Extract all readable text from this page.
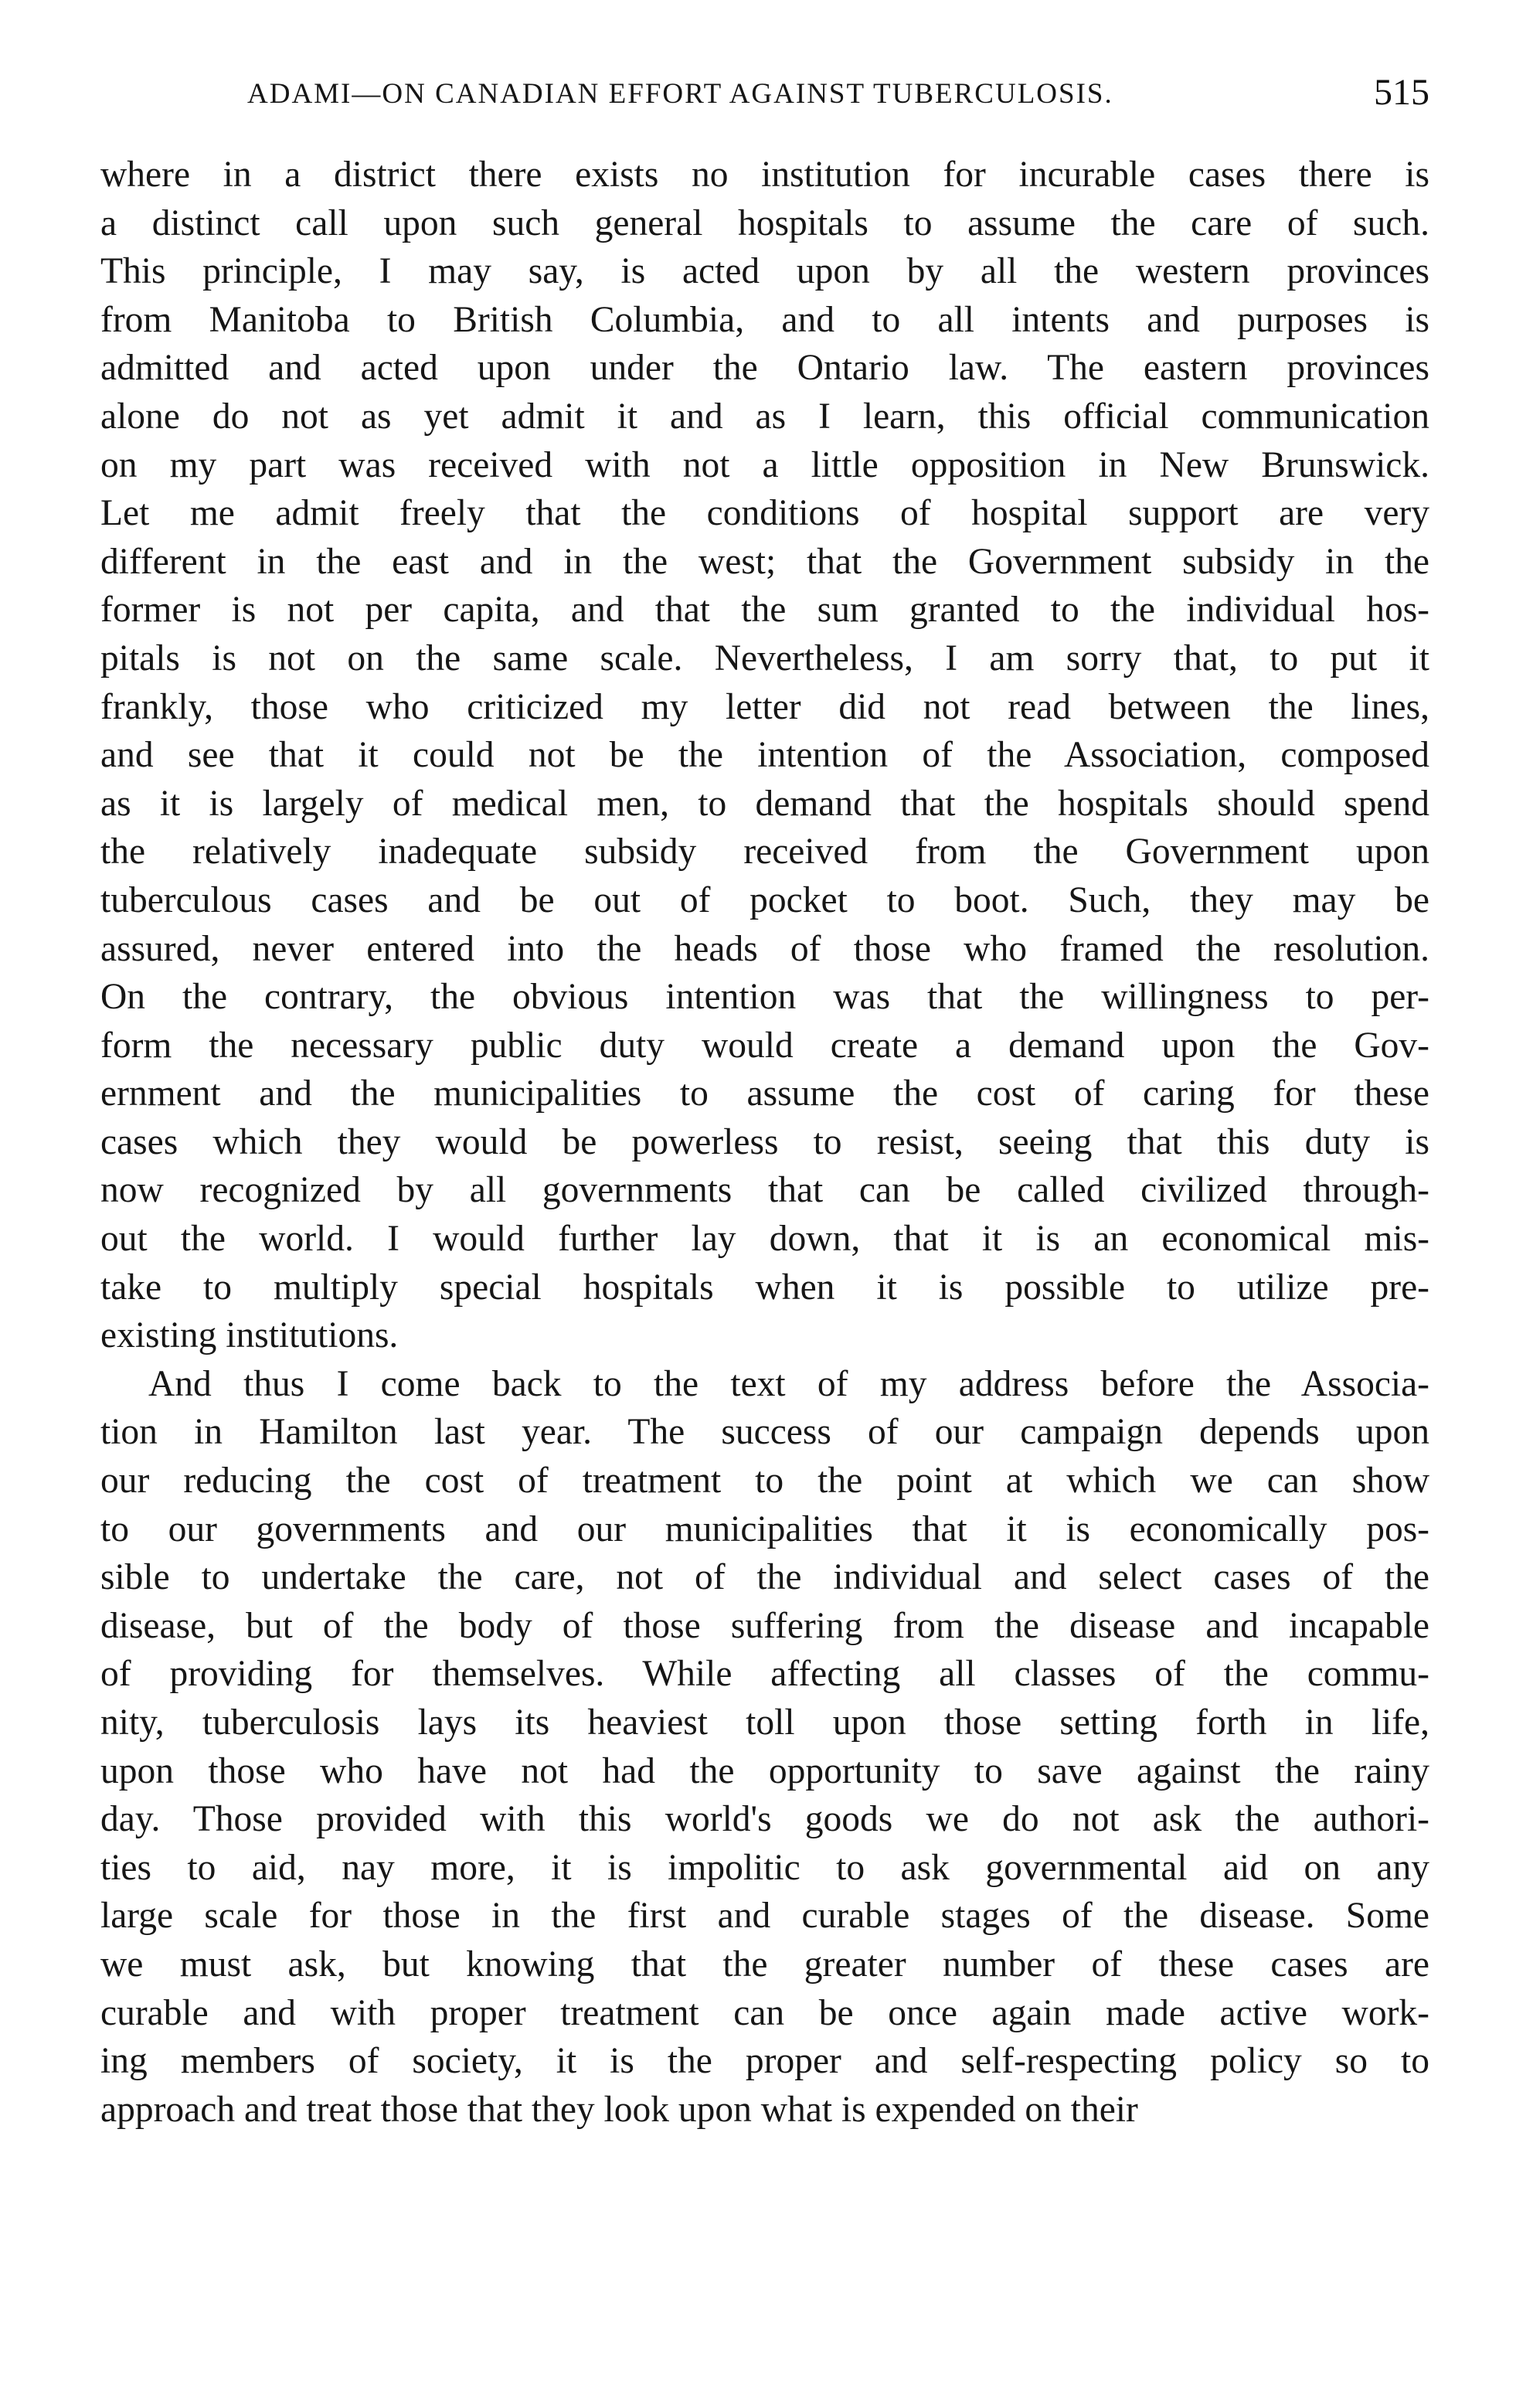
ADAMI—ON CANADIAN EFFORT AGAINST TUBERCULOSIS.	515
where in a district there exists no institution for incurable cases there is
a distinct call upon such general hospitals to assume the care of such.
This principle, I may say, is acted upon by all the western provinces
from Manitoba to British Columbia, and to all intents and purposes is
admitted and acted upon under the Ontario law. The eastern provinces
alone do not as yet admit it and as I learn, this official communication
on my part was received with not a little opposition in New Brunswick.
Let me admit freely that the conditions of hospital support are very
different in the east and in the west; that the Government subsidy in the
former is not per capita, and that the sum granted to the individual hos-
pitals is not on the same scale. Nevertheless, I am sorry that, to put it
frankly, those who criticized my letter did not read between the lines,
and see that it could not be the intention of the Association, composed
as it is largely of medical men, to demand that the hospitals should spend
the relatively inadequate subsidy received from the Government upon
tuberculous cases and be out of pocket to boot. Such, they may be
assured, never entered into the heads of those who framed the resolution.
On the contrary, the obvious intention was that the willingness to per-
form the necessary public duty would create a demand upon the Gov-
ernment and the municipalities to assume the cost of caring for these
cases which they would be powerless to resist, seeing that this duty is
now recognized by all governments that can be called civilized through-
out the world. I would further lay down, that it is an economical mis-
take to multiply special hospitals when it is possible to utilize pre-
existing institutions.
And thus I come back to the text of my address before the Associa-
tion in Hamilton last year. The success of our campaign depends upon
our reducing the cost of treatment to the point at which we can show
to our governments and our municipalities that it is economically pos-
sible to undertake the care, not of the individual and select cases of the
disease, but of the body of those suffering from the disease and incapable
of providing for themselves. While affecting all classes of the commu-
nity, tuberculosis lays its heaviest toll upon those setting forth in life,
upon those who have not had the opportunity to save against the rainy
day. Those provided with this world's goods we do not ask the authori-
ties to aid, nay more, it is impolitic to ask governmental aid on any
large scale for those in the first and curable stages of the disease. Some
we must ask, but knowing that the greater number of these cases are
curable and with proper treatment can be once again made active work-
ing members of society, it is the proper and self-respecting policy so to
approach and treat those that they look upon what is expended on their
